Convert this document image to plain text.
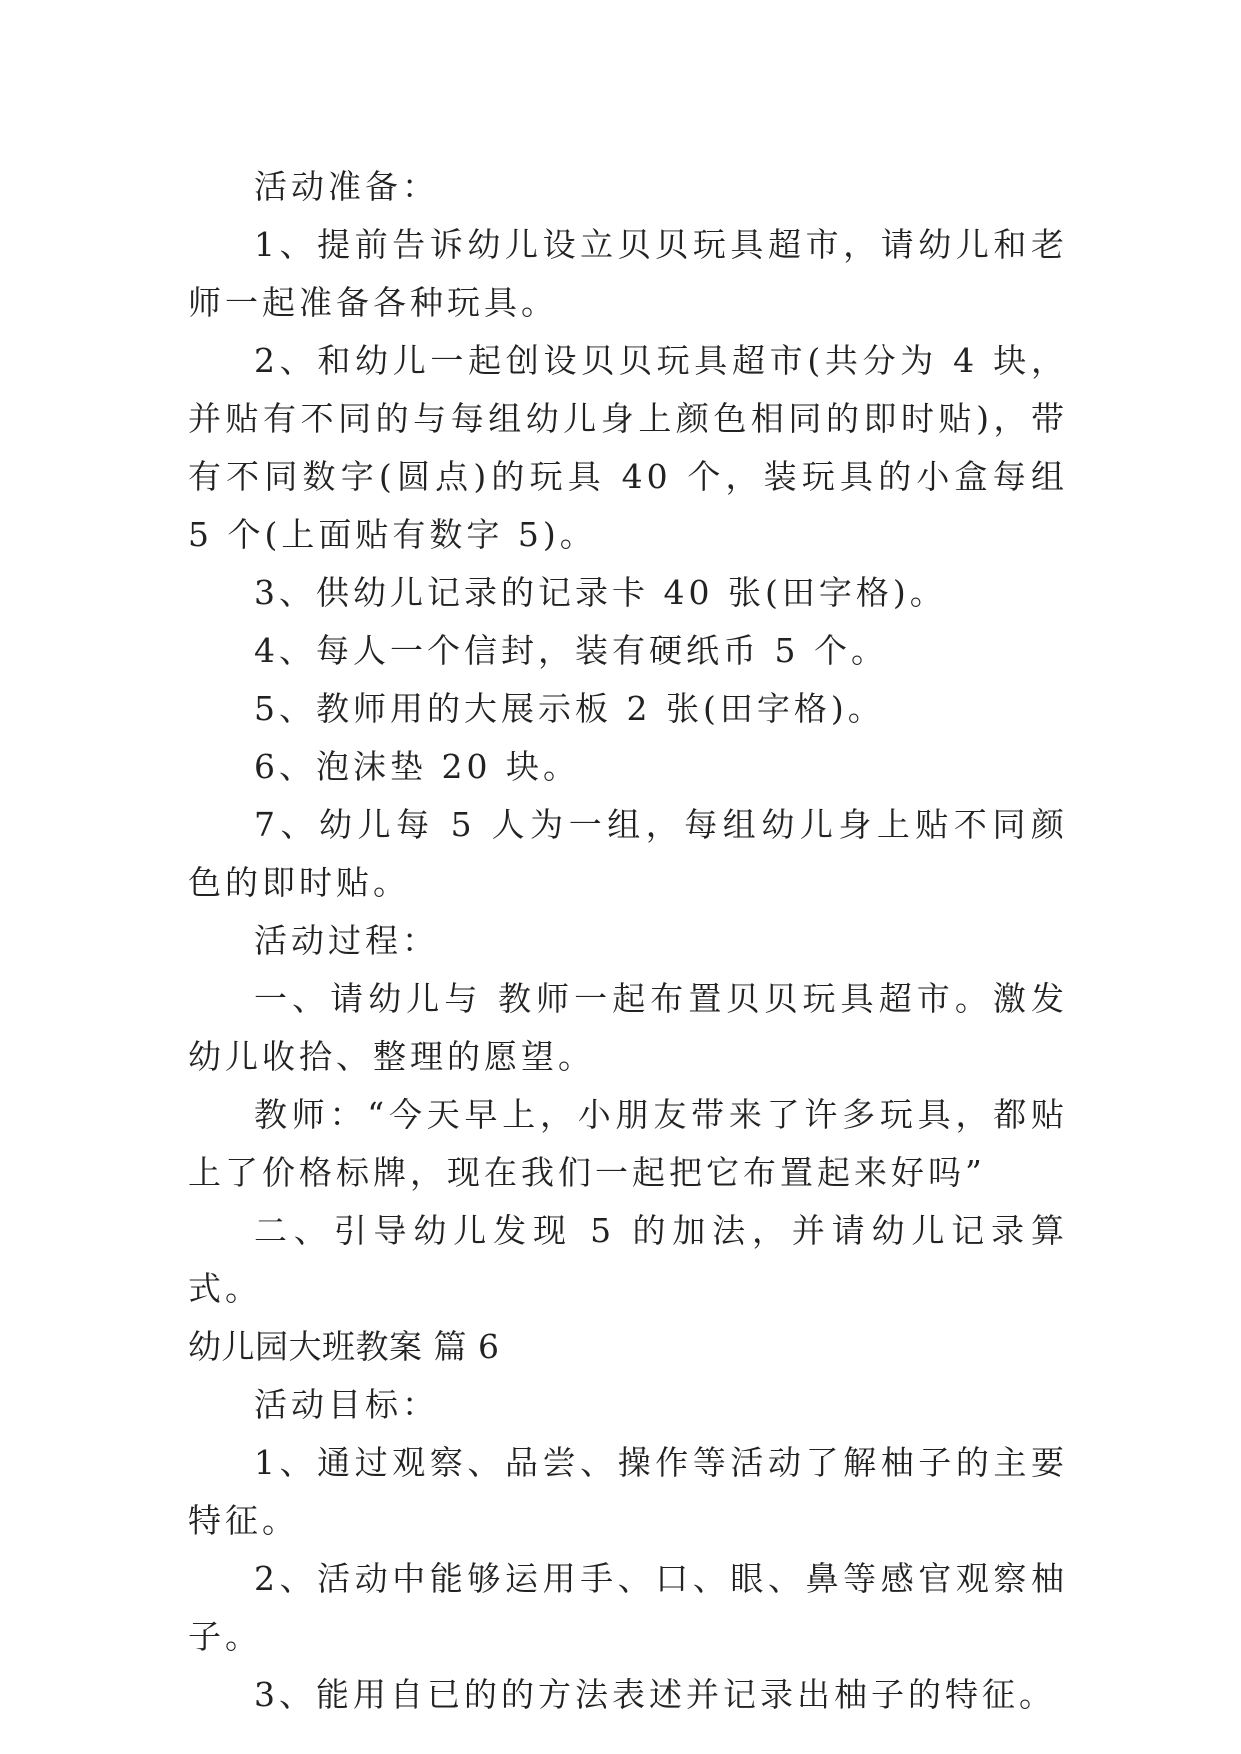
活动准备：

1、提前告诉幼儿设立贝贝玩具超市，请幼儿和老师一起准备各种玩具。

2、和幼儿一起创设贝贝玩具超市(共分为 4 块，并贴有不同的与每组幼儿身上颜色相同的即时贴)，带有不同数字(圆点)的玩具 40 个，装玩具的小盒每组 5 个(上面贴有数字 5)。

3、供幼儿记录的记录卡 40 张(田字格)。

4、每人一个信封，装有硬纸币 5 个。

5、教师用的大展示板 2 张(田字格)。

6、泡沫垫 20 块。

7、幼儿每 5 人为一组，每组幼儿身上贴不同颜色的即时贴。

活动过程：

一、请幼儿与 教师一起布置贝贝玩具超市。激发幼儿收拾、整理的愿望。

教师：“今天早上，小朋友带来了许多玩具，都贴上了价格标牌，现在我们一起把它布置起来好吗”

二、引导幼儿发现 5 的加法，并请幼儿记录算式。

幼儿园大班教案 篇 6

活动目标：

1、通过观察、品尝、操作等活动了解柚子的主要特征。

2、活动中能够运用手、口、眼、鼻等感官观察柚子。

3、能用自已的的方法表述并记录出柚子的特征。
